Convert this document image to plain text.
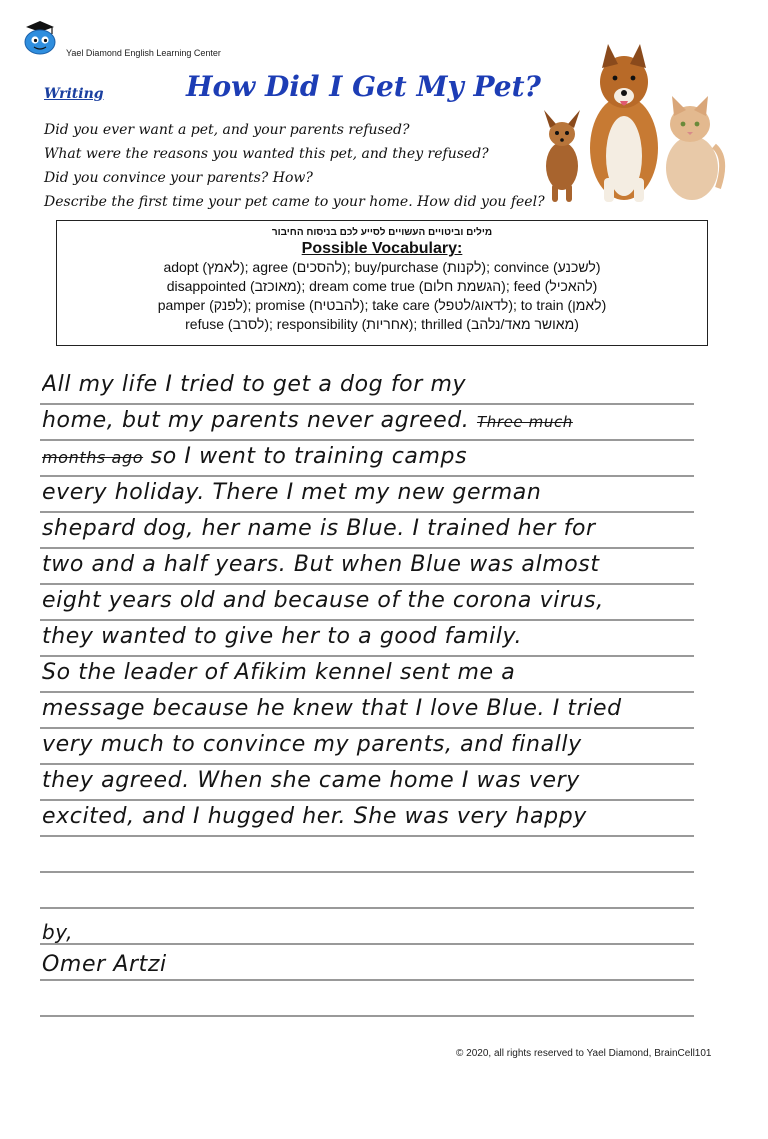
Yael Diamond English Learning Center
Writing	How Did I Get My Pet?
Did you ever want a pet, and your parents refused?
What were the reasons you wanted this pet, and they refused?
Did you convince your parents? How?
Describe the first time your pet came to your home. How did you feel?
מילים וביטויים העשויים לסייע לכם בניסוח החיבור
Possible Vocabulary:
adopt (לאמץ); agree (להסכים); buy/purchase (לקנות); convince (לשכנע)
disappointed (מאוכזב); dream come true (הגשמת חלום); feed (להאכיל)
pamper (לפנק); promise (להבטיח); take care (לדאוג/לטפל); to train (לאמן)
refuse (לסרב); responsibility (אחריות); thrilled (מאושר מאד/נלהב)
All my life I tried to get a dog for my
home, but my parents never agreed. Three much
months ago so I went to training camps
every holiday. There I met my new german
shepard dog, her name is Blue. I trained her for
two and a half years. But when Blue was almost
eight years old and because of the corona virus,
they wanted to give her to a good family.
So the leader of Afikim kennel sent me a
message because he knew that I love Blue. I tried
very much to convince my parents, and finally
they agreed. When she came home I was very
excited, and I hugged her. She was very happy
by,
Omer Artzi
© 2020, all rights reserved to Yael Diamond, BrainCell101
